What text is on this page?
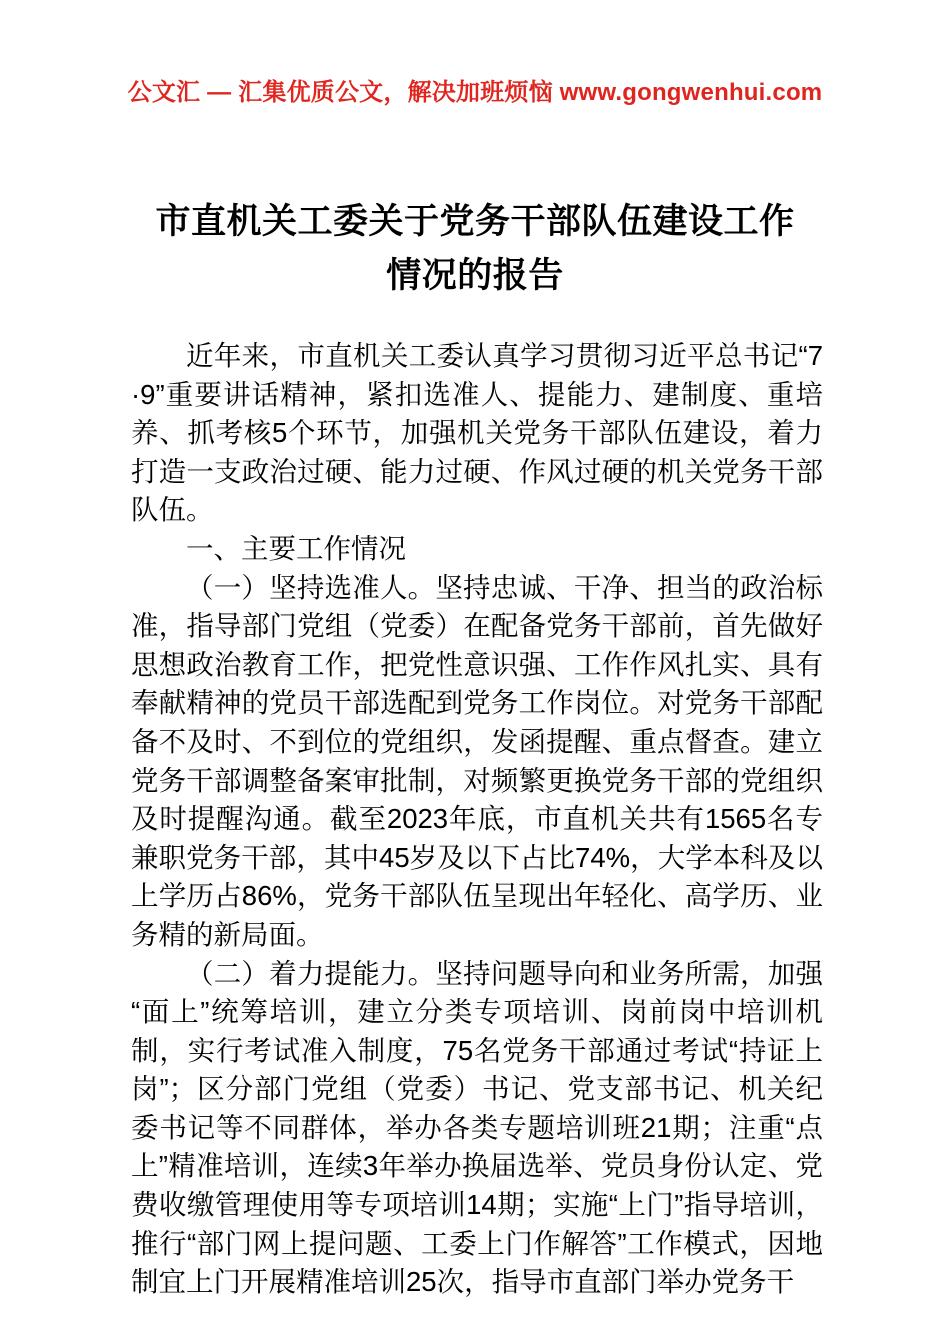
公文汇 — 汇集优质公文，解决加班烦恼 www.gongwenhui.com
市直机关工委关于党务干部队伍建设工作
情况的报告

近年来，市直机关工委认真学习贯彻习近平总书记“7·9”重要讲话精神，紧扣选准人、提能力、建制度、重培养、抓考核5个环节，加强机关党务干部队伍建设，着力打造一支政治过硬、能力过硬、作风过硬的机关党务干部队伍。

一、主要工作情况

（一）坚持选准人。坚持忠诚、干净、担当的政治标准，指导部门党组（党委）在配备党务干部前，首先做好思想政治教育工作，把党性意识强、工作作风扎实、具有奉献精神的党员干部选配到党务工作岗位。对党务干部配备不及时、不到位的党组织，发函提醒、重点督查。建立党务干部调整备案审批制，对频繁更换党务干部的党组织及时提醒沟通。截至2023年底，市直机关共有1565名专兼职党务干部，其中45岁及以下占比74%，大学本科及以上学历占86%，党务干部队伍呈现出年轻化、高学历、业务精的新局面。

（二）着力提能力。坚持问题导向和业务所需，加强“面上”统筹培训，建立分类专项培训、岗前岗中培训机制，实行考试准入制度，75名党务干部通过考试“持证上岗”；区分部门党组（党委）书记、党支部书记、机关纪委书记等不同群体，举办各类专题培训班21期；注重“点上”精准培训，连续3年举办换届选举、党员身份认定、党费收缴管理使用等专项培训14期；实施“上门”指导培训，推行“部门网上提问题、工委上门作解答”工作模式，因地制宜上门开展精准培训25次，指导市直部门举办党务干
